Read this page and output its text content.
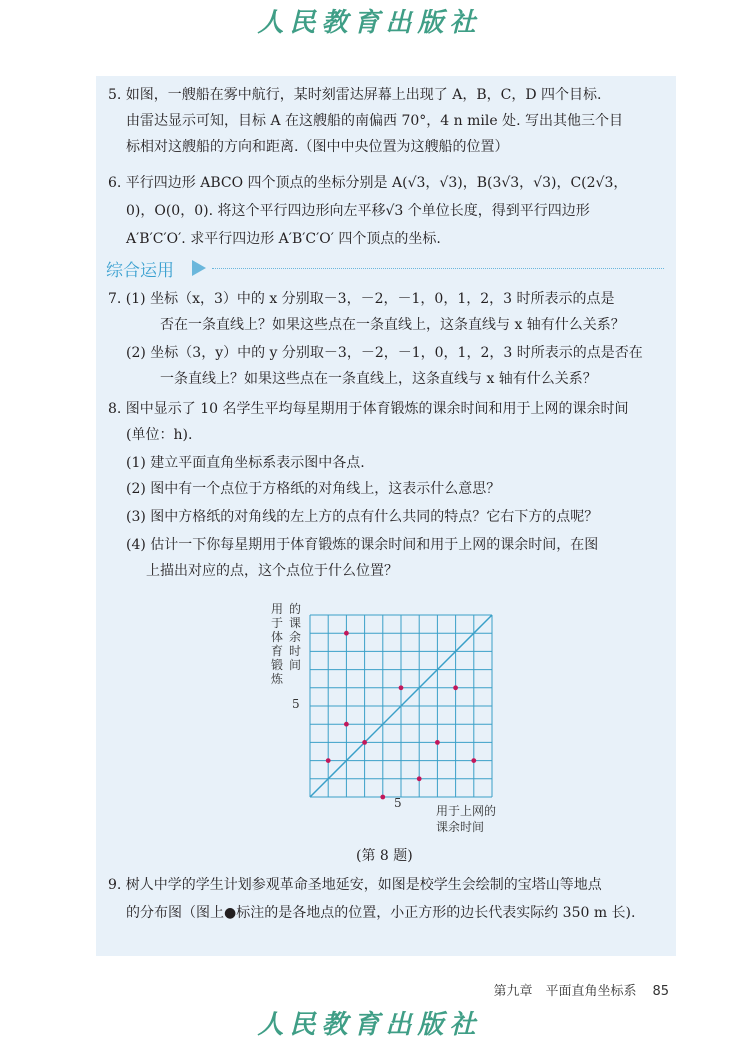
人民教育出版社
5. 如图，一艘船在雾中航行，某时刻雷达屏幕上出现了 A，B，C，D 四个目标.
由雷达显示可知，目标 A 在这艘船的南偏西 70°，4 n mile 处. 写出其他三个目
标相对这艘船的方向和距离.（图中中央位置为这艘船的位置）
6. 平行四边形 ABCO 四个顶点的坐标分别是 A(√3，√3)，B(3√3，√3)，C(2√3，
0)，O(0，0). 将这个平行四边形向左平移√3 个单位长度，得到平行四边形
A′B′C′O′. 求平行四边形 A′B′C′O′ 四个顶点的坐标.
综合运用
7. (1) 坐标（x，3）中的 x 分别取－3，－2，－1，0，1，2，3 时所表示的点是
否在一条直线上？如果这些点在一条直线上，这条直线与 x 轴有什么关系？
(2) 坐标（3，y）中的 y 分别取－3，－2，－1，0，1，2，3 时所表示的点是否在
一条直线上？如果这些点在一条直线上，这条直线与 x 轴有什么关系？
8. 图中显示了 10 名学生平均每星期用于体育锻炼的课余时间和用于上网的课余时间
(单位：h).
(1) 建立平面直角坐标系表示图中各点.
(2) 图中有一个点位于方格纸的对角线上，这表示什么意思？
(3) 图中方格纸的对角线的左上方的点有什么共同的特点？它右下方的点呢？
(4) 估计一下你每星期用于体育锻炼的课余时间和用于上网的课余时间，在图
上描出对应的点，这个点位于什么位置？
用于体育锻炼
的课余时间
5
5
用于上网的
课余时间
(第 8 题)
9. 树人中学的学生计划参观革命圣地延安，如图是校学生会绘制的宝塔山等地点
的分布图（图上●标注的是各地点的位置，小正方形的边长代表实际约 350 m 长).
第九章　平面直角坐标系 85
人民教育出版社
